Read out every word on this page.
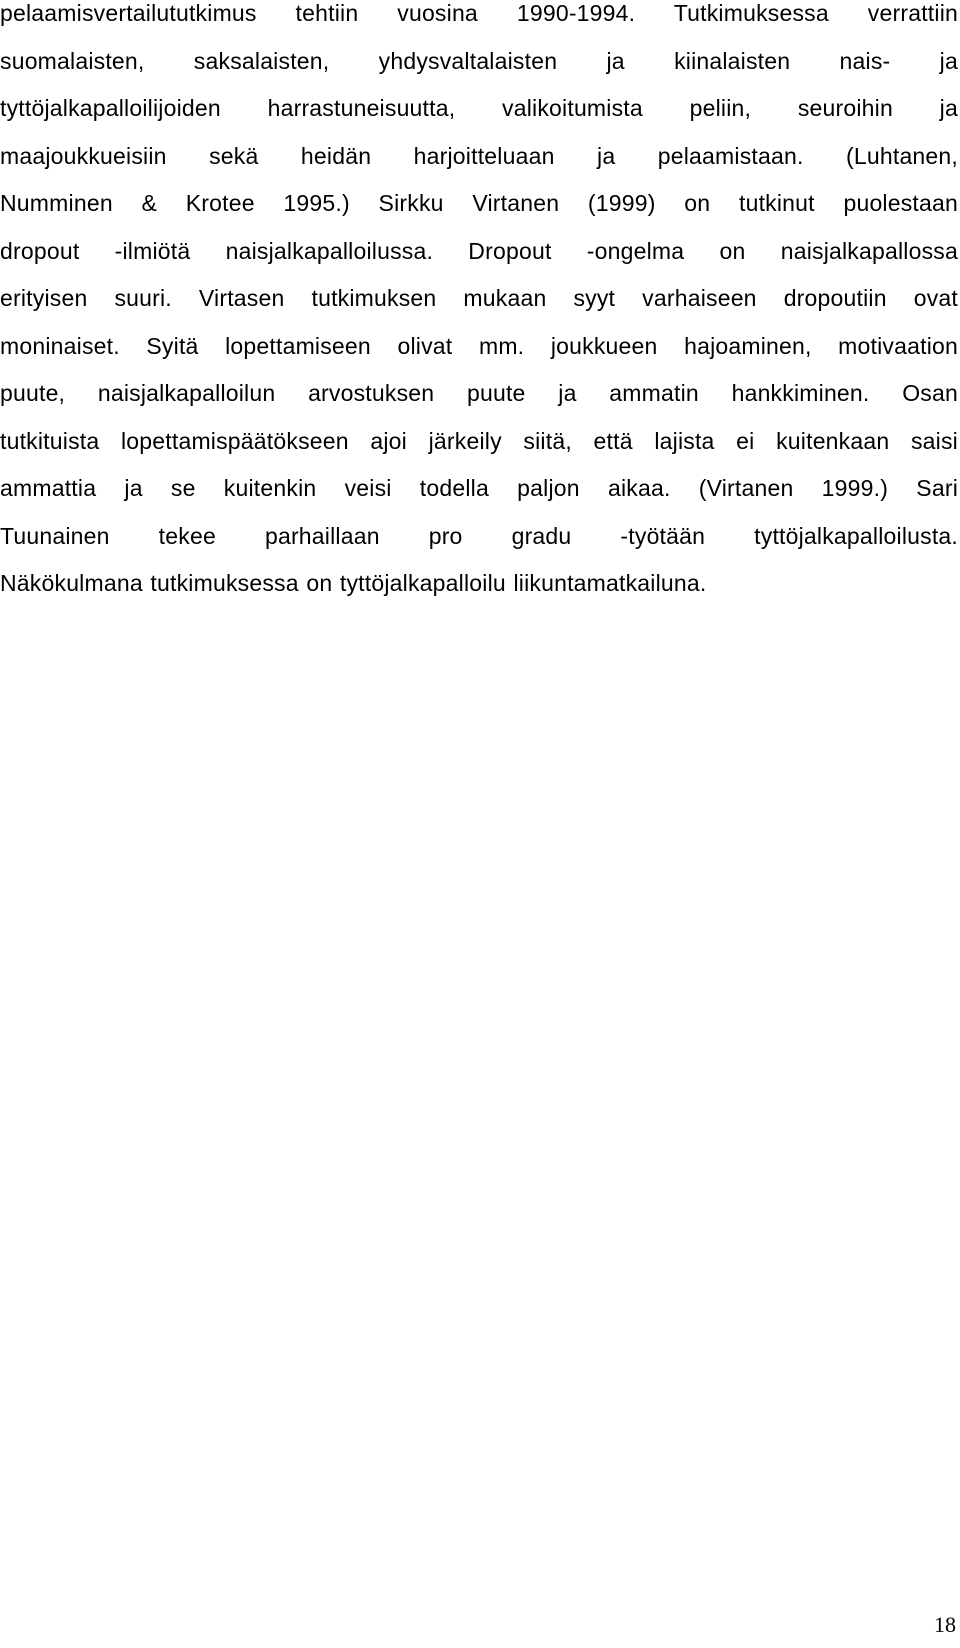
pelaamisvertailututkimus tehtiin vuosina 1990-1994. Tutkimuksessa verrattiin
suomalaisten, saksalaisten, yhdysvaltalaisten ja kiinalaisten nais- ja
tyttöjalkapalloilijoiden harrastuneisuutta, valikoitumista peliin, seuroihin ja
maajoukkueisiin sekä heidän harjoitteluaan ja pelaamistaan. (Luhtanen,
Numminen & Krotee 1995.) Sirkku Virtanen (1999) on tutkinut puolestaan
dropout -ilmiötä naisjalkapalloilussa. Dropout -ongelma on naisjalkapallossa
erityisen suuri. Virtasen tutkimuksen mukaan syyt varhaiseen dropoutiin ovat
moninaiset. Syitä lopettamiseen olivat mm. joukkueen hajoaminen, motivaation
puute, naisjalkapalloilun arvostuksen puute ja ammatin hankkiminen. Osan
tutkituista lopettamispäätökseen ajoi järkeily siitä, että lajista ei kuitenkaan saisi
ammattia ja se kuitenkin veisi todella paljon aikaa. (Virtanen 1999.) Sari
Tuunainen tekee parhaillaan pro gradu -työtään tyttöjalkapalloilusta.
Näkökulmana tutkimuksessa on tyttöjalkapalloilu liikuntamatkailuna.

18
